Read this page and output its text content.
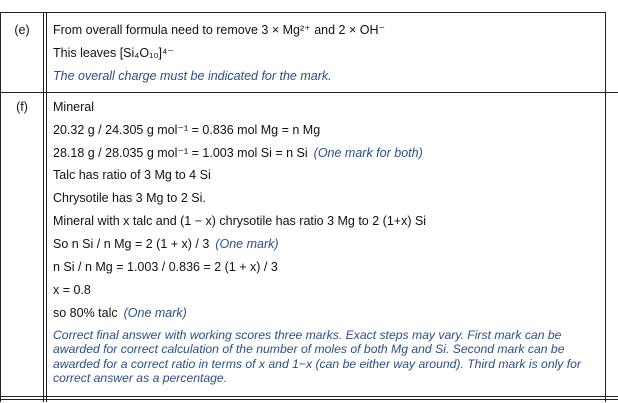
(e)	From overall formula need to remove 3 × Mg²⁺ and 2 × OH⁻
This leaves [Si₄O₁₀]⁴⁻
The overall charge must be indicated for the mark.
(f)	Mineral
20.32 g / 24.305 g mol⁻¹ = 0.836 mol Mg = n Mg
28.18 g / 28.035 g mol⁻¹ = 1.003 mol Si = n Si (One mark for both)
Talc has ratio of 3 Mg to 4 Si
Chrysotile has 3 Mg to 2 Si.
Mineral with x talc and (1 − x) chrysotile has ratio 3 Mg to 2 (1+x) Si
So n Si / n Mg = 2 (1 + x) / 3 (One mark)
n Si / n Mg = 1.003 / 0.836 = 2 (1 + x) / 3
x = 0.8
so 80% talc (One mark)
Correct final answer with working scores three marks. Exact steps may vary. First mark can be awarded for correct calculation of the number of moles of both Mg and Si. Second mark can be awarded for a correct ratio in terms of x and 1−x (can be either way around). Third mark is only for correct answer as a percentage.
